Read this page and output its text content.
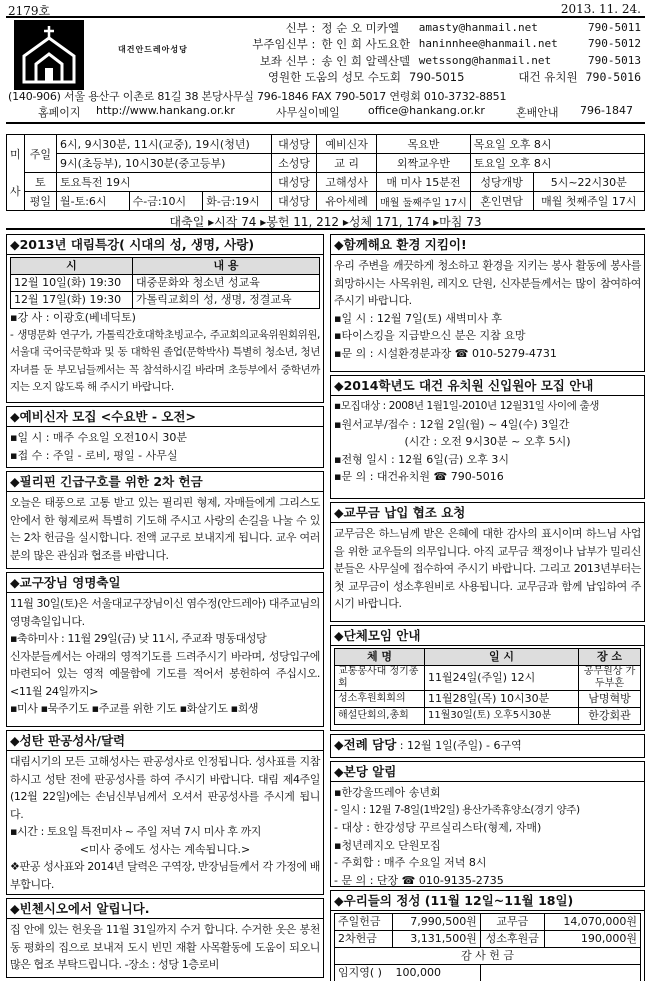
2179호	2013. 11. 24.
대건안드레아성당
신부 : 정 순 오 미카엘	amasty@hanmail.net	790-5011
부주임신부 : 한 인 희 사도요한 haninnhee@hanmail.net	790-5012
보좌 신부 : 송 인 희 알렉산델 wetssong@hanmail.net	790-5013
영원한 도움의 성모 수도회 790-5015	대건 유치원 790-5016
(140-906) 서울 용산구 이촌로 81길 38 본당사무실 796-1846 FAX 790-5017 연령회 010-3732-8851
홈페이지 http://www.hankang.or.kr	사무실이메일	office@hankang.or.kr	혼배안내 796-1847
미	주일	6시, 9시30분, 11시(교중), 19시(청년)			대성당	예비신자	목요반	목요일 오후 8시	
		9시(초등부), 10시30분(중고등부)			소성당	교 리	외짝교우반	토요일 오후 8시	
사	토	토요특전 19시			대성당	고해성사	매 미사 15분전	성당개방	5시~22시30분
	평일	월-토:6시	수-금:10시	화-금:19시	대성당	유아세례	매월 둘째주일 17시	혼인면담	매월 첫째주일 17시
대축일 ▸시작 74 ▸봉헌 11, 212 ▸성체 171, 174 ▸마침 73
◆2013년 대림특강( 시대의 성, 생명, 사랑)
시	내 용
12월 10일(화) 19:30	대중문화와 청소년 성교육
12월 17일(화) 19:30	가톨릭교회의 성, 생명, 정결교육
▪강 사 : 이광호(베네딕토)

- 생명문화 연구가, 가톨릭간호대학초빙교수, 주교회의교육위원회위원, 서울대 국어국문학과 및 동 대학원 졸업(문학박사) 특별히 청소년, 청년 자녀를 둔 부모님들께서는 꼭 참석하시길 바라며 초등부에서 중학년까지는 오지 않도록 해 주시기 바랍니다.

◆예비신자 모집 <수요반 - 오전>
▪일 시 : 매주 수요일 오전10시 30분
▪접 수 : 주일 - 로비, 평일 - 사무실
◆필리핀 긴급구호를 위한 2차 헌금

오늘은 태풍으로 고통 받고 있는 필리핀 형제, 자매들에게 그리스도안에서 한 형제로써 특별히 기도해 주시고 사랑의 손길을 나눌 수 있는 2차 헌금을 실시합니다. 전액 교구로 보내지게 됩니다. 교우 여러분의 많은 관심과 협조를 바랍니다.

◆교구장님 영명축일

11월 30일(토)은 서울대교구장님이신 염수정(안드레아) 대주교님의 영명축일입니다.

▪축하미사 : 11월 29일(금) 낮 11시, 주교좌 명동대성당

신자분들께서는 아래의 영적기도를 드려주시기 바라며, 성당입구에 마련되어 있는 영적 예물함에 기도를 적어서 봉헌하여 주십시오.<11월 24일까지>

▪미사 ▪묵주기도 ▪주교를 위한 기도 ▪화살기도 ▪희생
◆성탄 판공성사/달력

대림시기의 모든 고해성사는 판공성사로 인정됩니다. 성사표를 지참하시고 성탄 전에 판공성사를 하여 주시기 바랍니다. 대림 제4주일(12월 22일)에는 손님신부님께서 오셔서 판공성사를 주시게 됩니다.

▪시간 : 토요일 특전미사 ~ 주일 저녁 7시 미사 후 까지
<미사 중에도 성사는 계속됩니다.>

❖판공 성사표와 2014년 달력은 구역장, 반장님들께서 각 가정에 배부합니다.

◆빈첸시오에서 알립니다.

집 안에 있는 헌옷을 11월 31일까지 수거 합니다. 수거한 옷은 봉천동 평화의 집으로 보내져 도시 빈민 재활 사목활동에 도움이 되오니많은 협조 부탁드립니다. -장소 : 성당 1층로비

◆함께해요 환경 지킴이!

우리 주변을 깨끗하게 청소하고 환경을 지키는 봉사 활동에 봉사를 희망하시는 사목위원, 레지오 단원, 신자분들께서는 많이 참여하여 주시기 바랍니다.

▪일 시 : 12월 7일(토) 새벽미사 후
▪타이스킹을 지급받으신 분은 지참 요망
▪문 의 : 시설환경분과장 ☎ 010-5279-4731
◆2014학년도 대건 유치원 신입원아 모집 안내
▪모집대상 : 2008년 1월1일-2010년 12월31일 사이에 출생
▪원서교부/접수 : 12월 2일(월) ~ 4일(수) 3일간
(시간 : 오전 9시30분 ~ 오후 5시)
▪전형 일시 : 12월 6일(금) 오후 3시
▪문 의 : 대건유치원 ☎ 790-5016
◆교무금 납입 협조 요청

교무금은 하느님께 받은 은혜에 대한 감사의 표시이며 하느님 사업을 위한 교우들의 의무입니다. 아직 교무금 책정이나 납부가 밀리신 분들은 사무실에 접수하여 주시기 바랍니다. 그리고 2013년부터는 첫 교무금이 성소후원비로 사용됩니다. 교무금과 함께 납입하여 주시기 바랍니다.

◆단체모임 안내
체 명	일 시	장 소
교통봉사대 정기총회	11월24일(주일) 12시	공무원상 가두부흔
성소후원회회의	11월28일(목) 10시30분	남명혁방
해설단회의,총회	11월30일(토) 오후5시30분	한강회관
◆전례 담당 : 12월 1일(주일) - 6구역
◆본당 알림
▪한강울뜨레아 송년회
- 일시 : 12월 7-8일(1박2일) 용산가족휴양소(경기 양주)
- 대상 : 한강성당 꾸르실리스타(형제, 자매)
▪청년레지오 단원모집
- 주회합 : 매주 수요일 저녁 8시
- 문 의 : 단장 ☎ 010-9135-2735
◆우리들의 정성 (11월 12일~11월 18일)
주일헌금	7,990,500원	교무금	14,070,000원
2차헌금	3,131,500원	성소후원금	190,000원
감 사 헌 금			
임지영( ) 100,000			
